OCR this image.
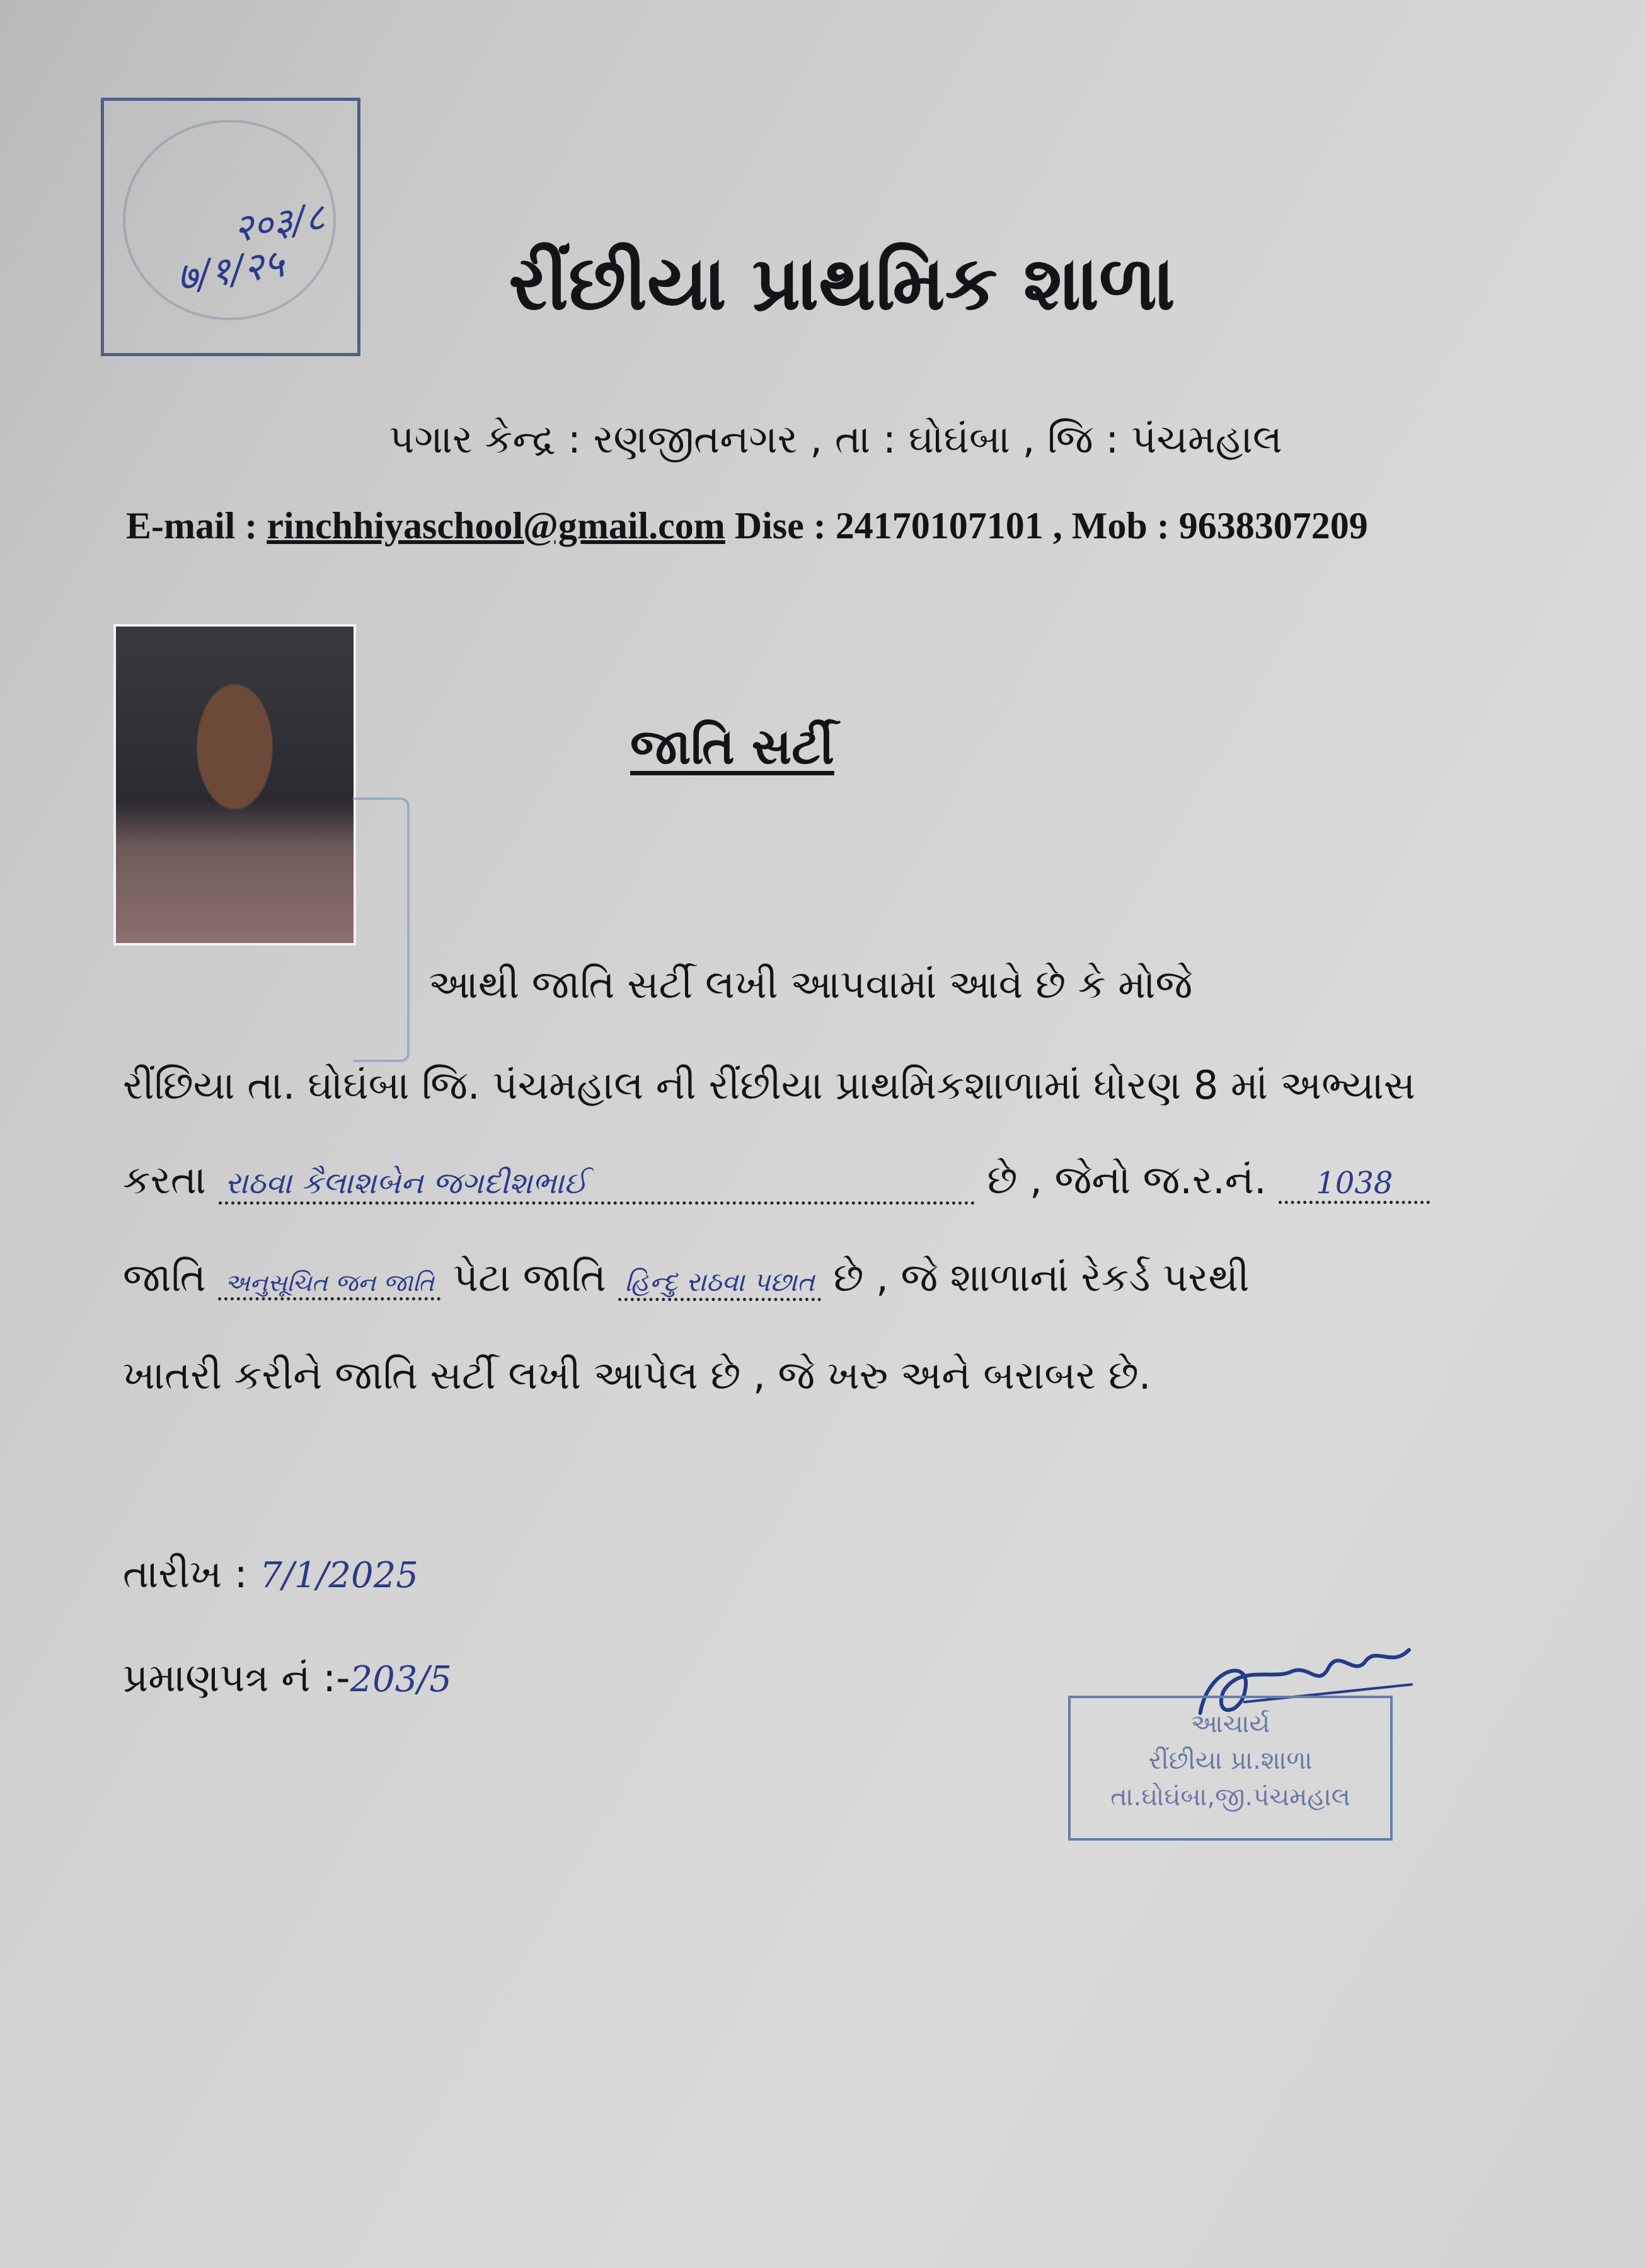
२०३/८
७/१/२५	રીંછીયા પ્રાથમિક શાળા
પગાર કેન્દ્ર : રણજીતનગર , તા : ઘોઘંબા , જિ : પંચમહાલ
E-mail : rinchhiyaschool@gmail.com Dise : 24170107101 , Mob : 9638307209
જાતિ સર્ટી
આથી જાતિ સર્ટી લખી આપવામાં આવે છે કે મોજે
રીંછિયા તા. ઘોઘંબા જિ. પંચમહાલ ની રીંછીયા પ્રાથમિકશાળામાં ધોરણ 8 માં અભ્યાસ
કરતા રાઠવા કૈલાશબેન જગદીશભાઈ	છે , જેનો જ.ર.નં. 1038
જાતિ અનુસૂચિત જન જાતિ પેટા જાતિ હિન્દુ રાઠવા પછાત છે , જે શાળાનાં રેકર્ડ પરથી
ખાતરી કરીને જાતિ સર્ટી લખી આપેલ છે , જે ખરુ અને બરાબર છે.
તારીખ : 7/1/2025
પ્રમાણપત્ર નં :-203/5
આચાર્ય
રીંછીયા પ્રા.શાળા
તા.ઘોઘંબા,જી.પંચમહાલ
